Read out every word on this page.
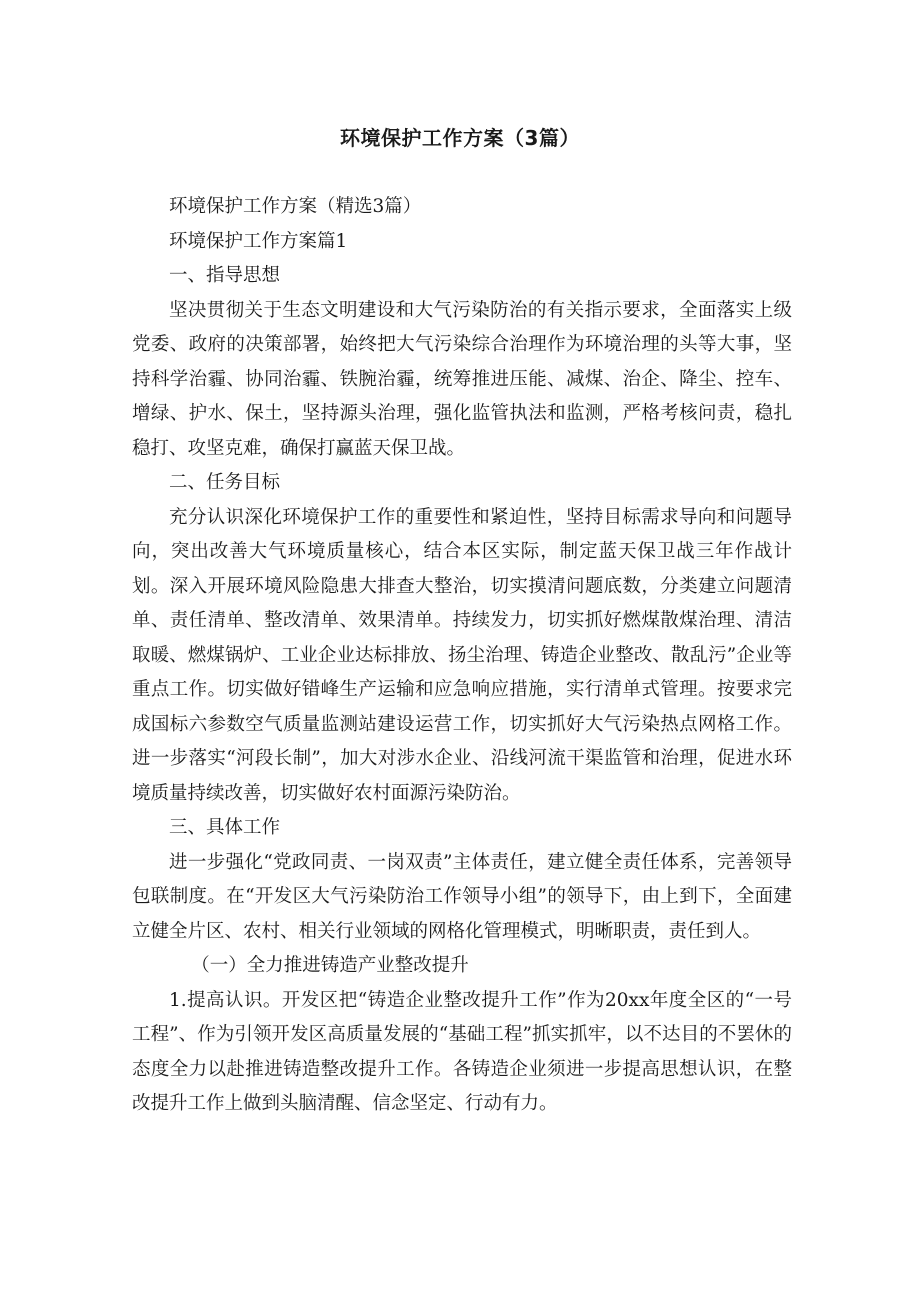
环境保护工作方案（3篇）

环境保护工作方案（精选3篇）

环境保护工作方案篇1

一、指导思想

坚决贯彻关于生态文明建设和大气污染防治的有关指示要求，全面落实上级党委、政府的决策部署，始终把大气污染综合治理作为环境治理的头等大事，坚持科学治霾、协同治霾、铁腕治霾，统筹推进压能、减煤、治企、降尘、控车、增绿、护水、保土，坚持源头治理，强化监管执法和监测，严格考核问责，稳扎稳打、攻坚克难，确保打赢蓝天保卫战。

二、任务目标

充分认识深化环境保护工作的重要性和紧迫性，坚持目标需求导向和问题导向，突出改善大气环境质量核心，结合本区实际，制定蓝天保卫战三年作战计划。深入开展环境风险隐患大排查大整治，切实摸清问题底数，分类建立问题清单、责任清单、整改清单、效果清单。持续发力，切实抓好燃煤散煤治理、清洁取暖、燃煤锅炉、工业企业达标排放、扬尘治理、铸造企业整改、散乱污”企业等重点工作。切实做好错峰生产运输和应急响应措施，实行清单式管理。按要求完成国标六参数空气质量监测站建设运营工作，切实抓好大气污染热点网格工作。进一步落实“河段长制”，加大对涉水企业、沿线河流干渠监管和治理，促进水环境质量持续改善，切实做好农村面源污染防治。

三、具体工作

进一步强化“党政同责、一岗双责”主体责任，建立健全责任体系，完善领导包联制度。在“开发区大气污染防治工作领导小组”的领导下，由上到下，全面建立健全片区、农村、相关行业领域的网格化管理模式，明晰职责，责任到人。

（一）全力推进铸造产业整改提升

1.提高认识。开发区把“铸造企业整改提升工作”作为20xx年度全区的“一号工程”、作为引领开发区高质量发展的“基础工程”抓实抓牢，以不达目的不罢休的态度全力以赴推进铸造整改提升工作。各铸造企业须进一步提高思想认识，在整改提升工作上做到头脑清醒、信念坚定、行动有力。
